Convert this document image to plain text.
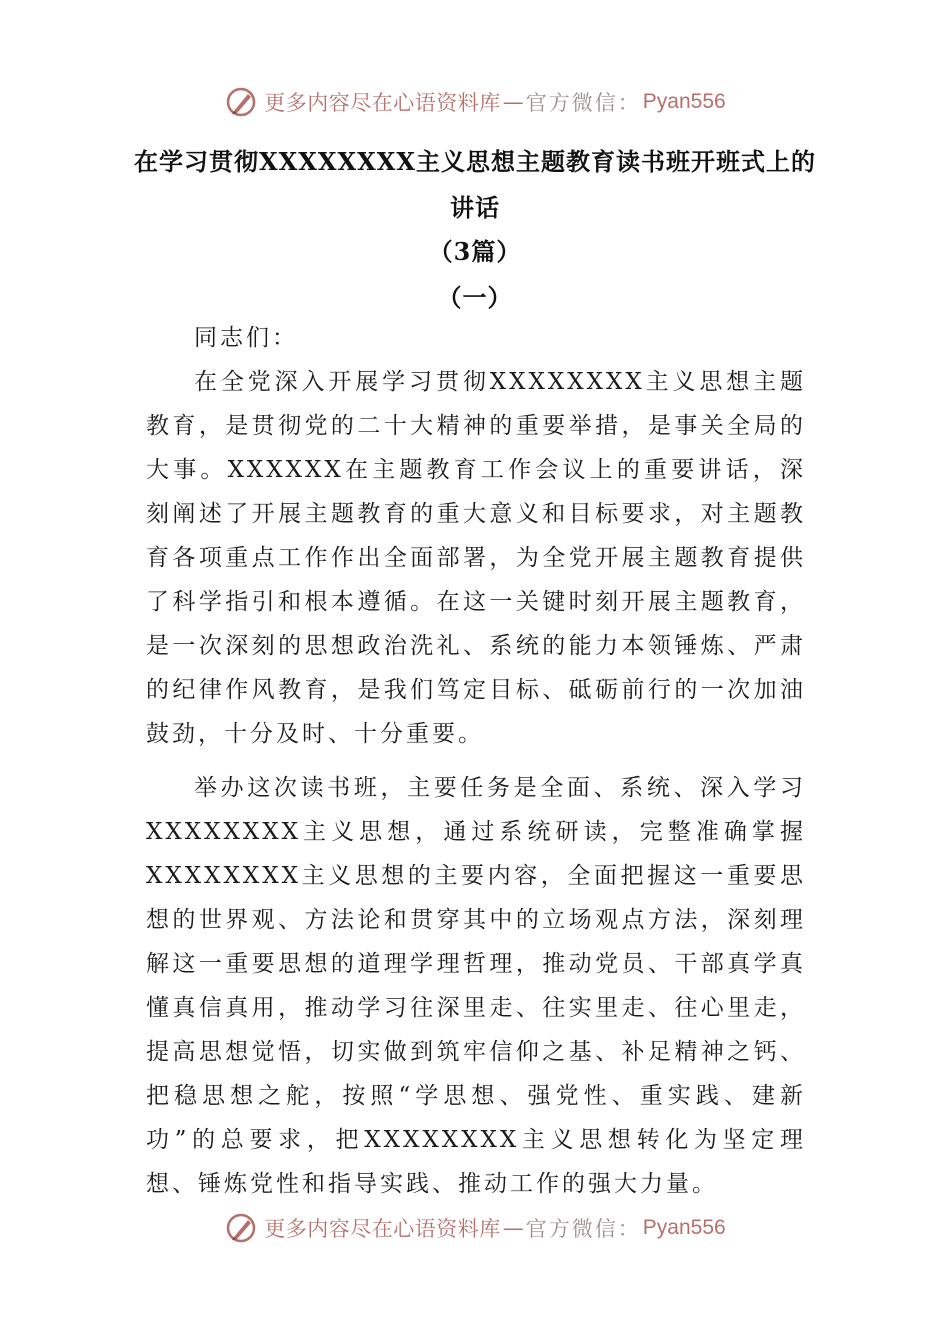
更多内容尽在心语资料库 — 官方微信： Pyan556
在学习贯彻XXXXXXXX主义思想主题教育读书班开班式上的
讲话
（3篇）
（一）

同志们：

在全党深入开展学习贯彻XXXXXXXX主义思想主题教育，是贯彻党的二十大精神的重要举措，是事关全局的大事。XXXXXX在主题教育工作会议上的重要讲话，深刻阐述了开展主题教育的重大意义和目标要求，对主题教育各项重点工作作出全面部署，为全党开展主题教育提供了科学指引和根本遵循。在这一关键时刻开展主题教育，是一次深刻的思想政治洗礼、系统的能力本领锤炼、严肃的纪律作风教育，是我们笃定目标、砥砺前行的一次加油鼓劲，十分及时、十分重要。

举办这次读书班，主要任务是全面、系统、深入学习XXXXXXXX主义思想，通过系统研读，完整准确掌握XXXXXXXX主义思想的主要内容，全面把握这一重要思想的世界观、方法论和贯穿其中的立场观点方法，深刻理解这一重要思想的道理学理哲理，推动党员、干部真学真懂真信真用，推动学习往深里走、往实里走、往心里走，提高思想觉悟，切实做到筑牢信仰之基、补足精神之钙、把稳思想之舵，按照“学思想、强党性、重实践、建新功”的总要求，把XXXXXXXX主义思想转化为坚定理想、锤炼党性和指导实践、推动工作的强大力量。

更多内容尽在心语资料库 — 官方微信： Pyan556
